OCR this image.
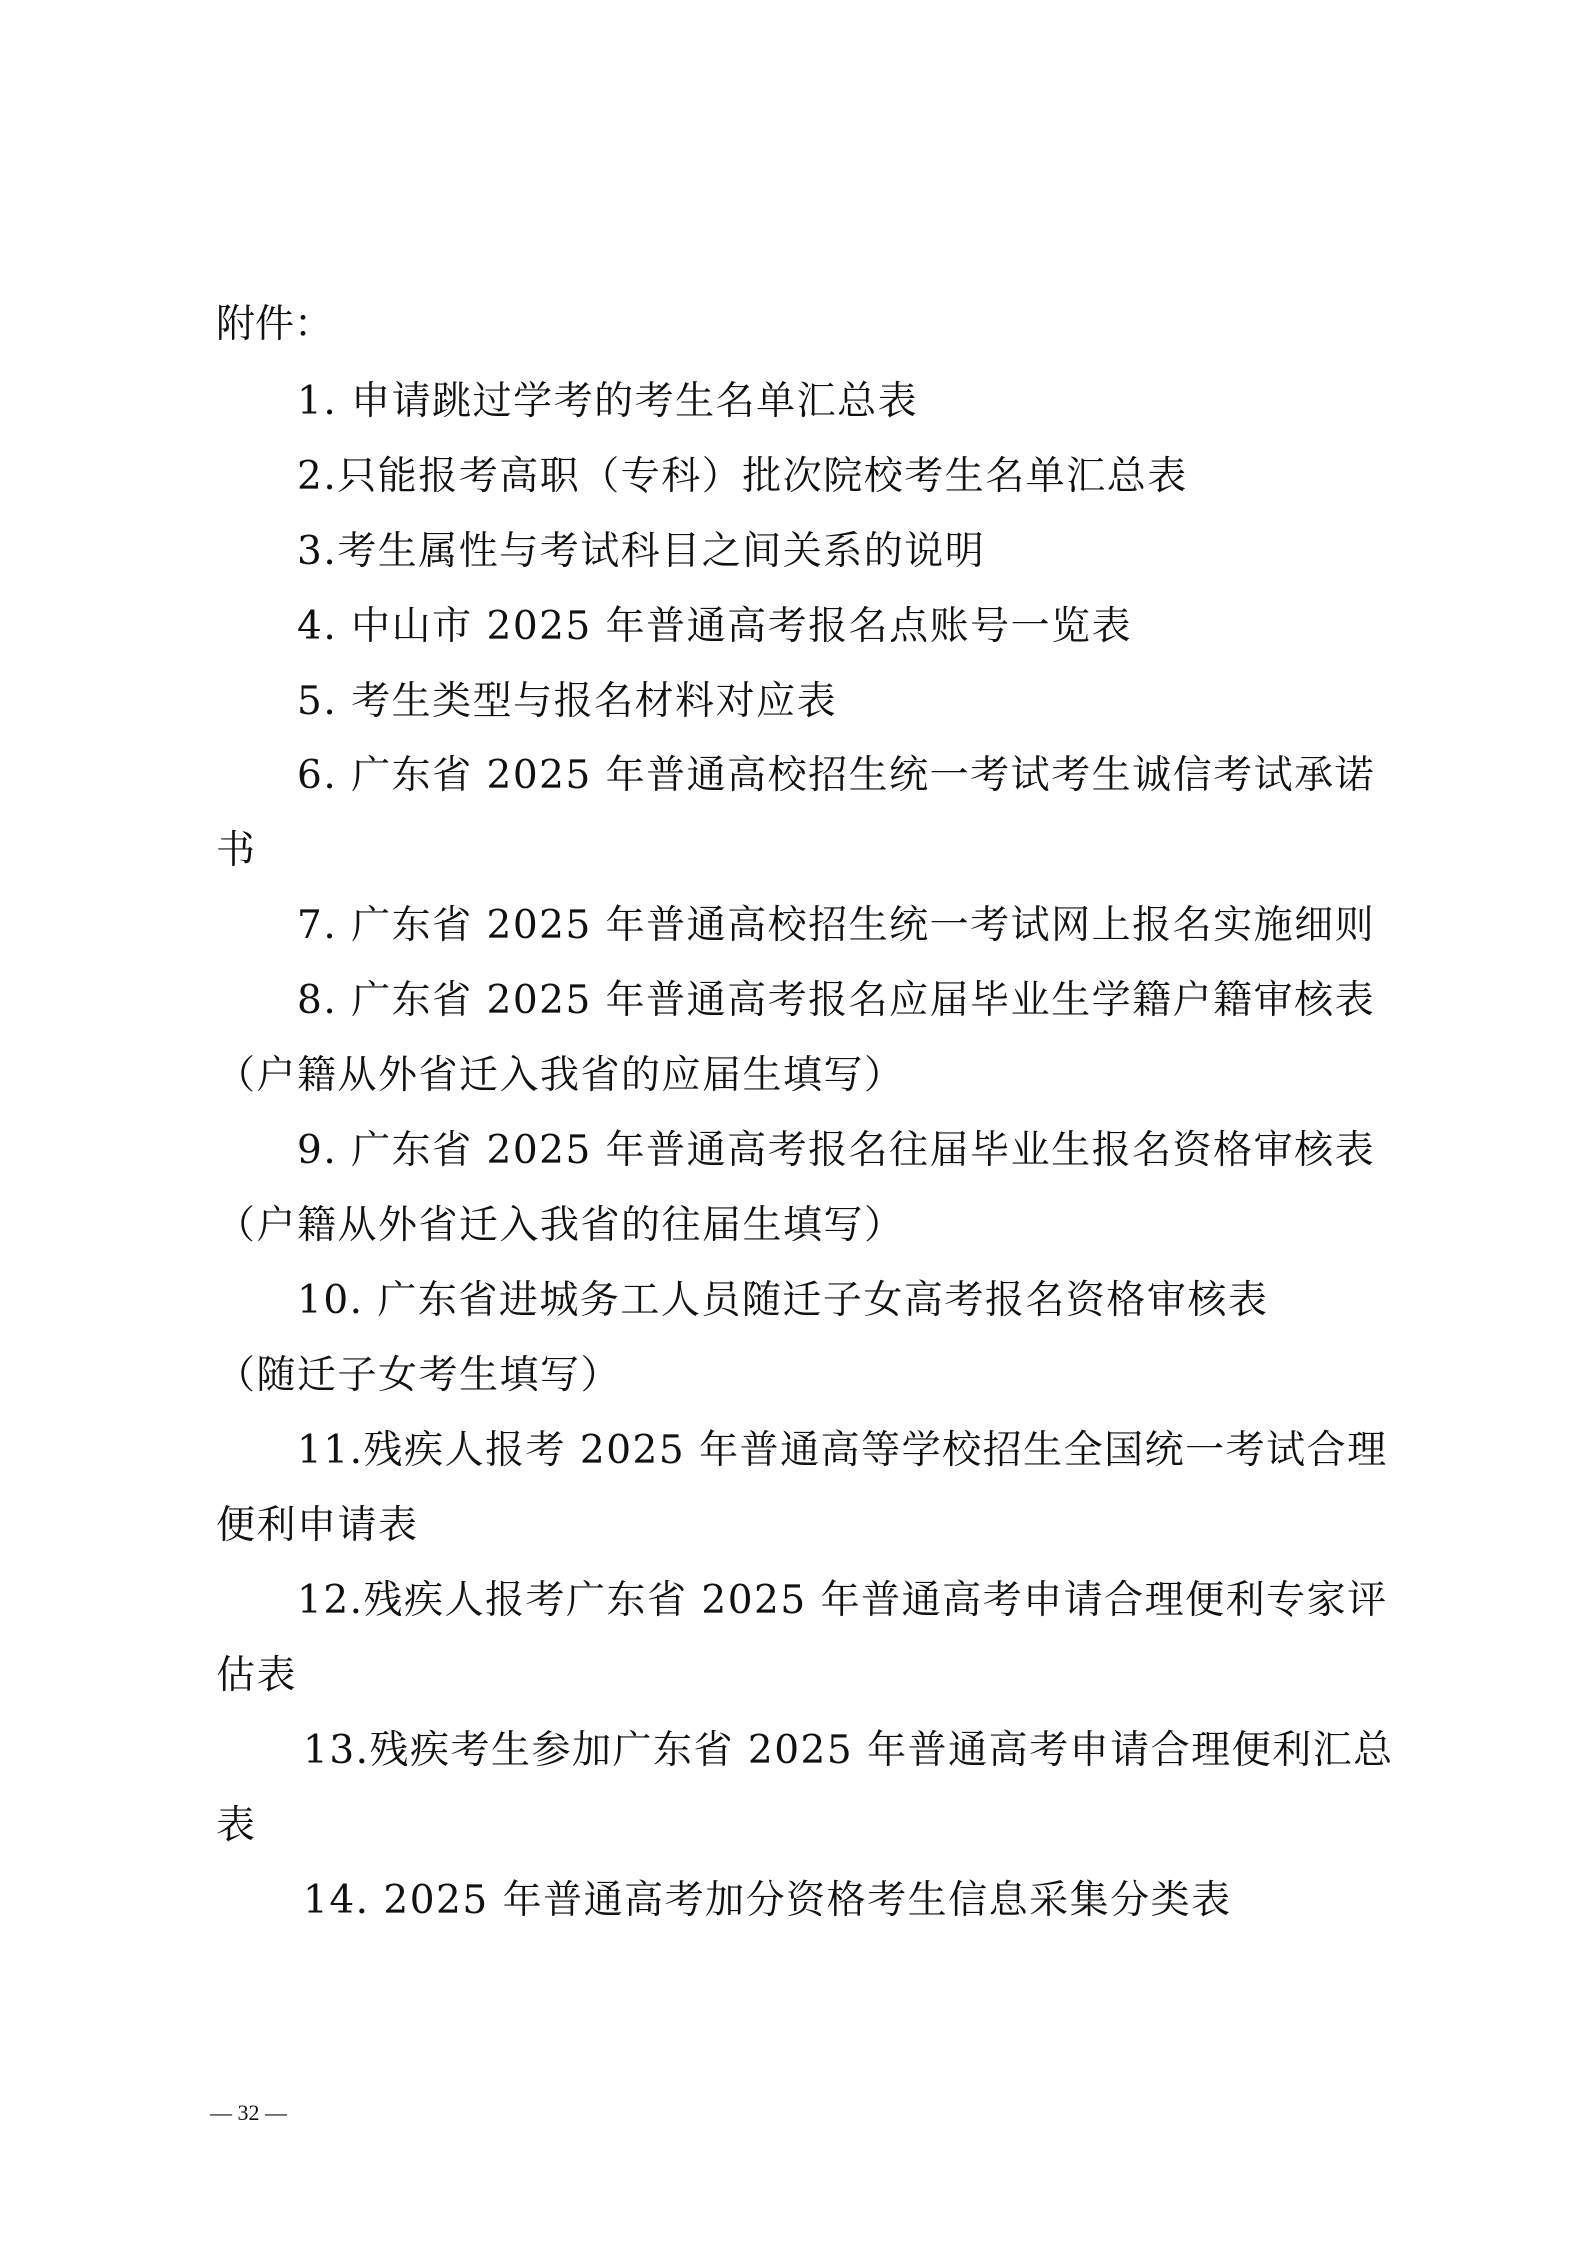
附件：
1. 申请跳过学考的考生名单汇总表
2.只能报考高职（专科）批次院校考生名单汇总表
3.考生属性与考试科目之间关系的说明
4. 中山市 2025 年普通高考报名点账号一览表
5. 考生类型与报名材料对应表
6. 广东省 2025 年普通高校招生统一考试考生诚信考试承诺
书
7. 广东省 2025 年普通高校招生统一考试网上报名实施细则
8. 广东省 2025 年普通高考报名应届毕业生学籍户籍审核表
（户籍从外省迁入我省的应届生填写）
9. 广东省 2025 年普通高考报名往届毕业生报名资格审核表
（户籍从外省迁入我省的往届生填写）
10. 广东省进城务工人员随迁子女高考报名资格审核表
（随迁子女考生填写）
11.残疾人报考 2025 年普通高等学校招生全国统一考试合理
便利申请表
12.残疾人报考广东省 2025 年普通高考申请合理便利专家评
估表
13.残疾考生参加广东省 2025 年普通高考申请合理便利汇总
表
14. 2025 年普通高考加分资格考生信息采集分类表
— 32 —
